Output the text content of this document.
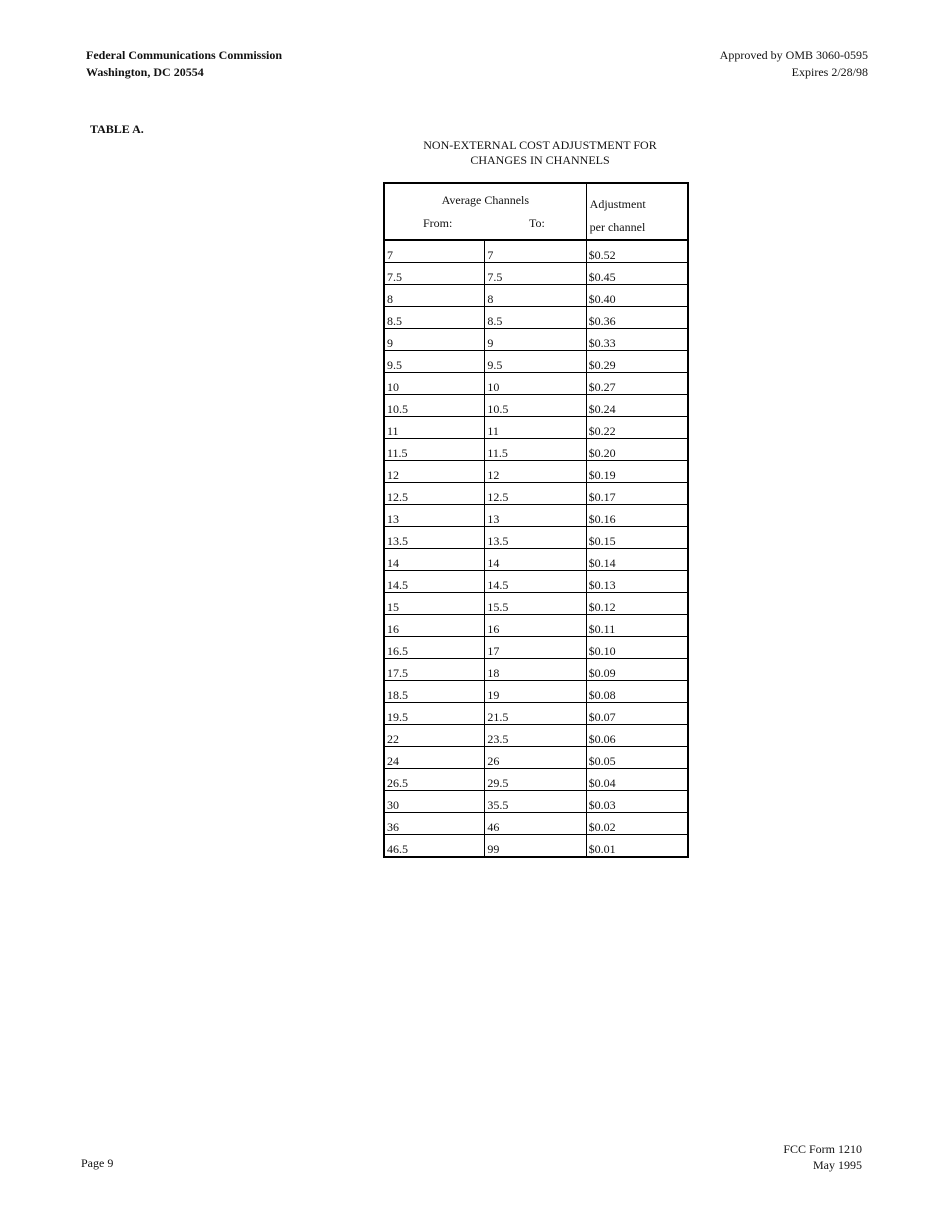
Federal Communications Commission
Washington, DC 20554
Approved by OMB 3060-0595
Expires 2/28/98
TABLE A.
NON-EXTERNAL COST ADJUSTMENT FOR
CHANGES IN CHANNELS
Average Channels
From: To:		Adjustment
per channel

7	7	$0.52
7.5	7.5	$0.45
8	8	$0.40
8.5	8.5	$0.36
9	9	$0.33
9.5	9.5	$0.29
10	10	$0.27
10.5	10.5	$0.24
11	11	$0.22
11.5	11.5	$0.20
12	12	$0.19
12.5	12.5	$0.17
13	13	$0.16
13.5	13.5	$0.15
14	14	$0.14
14.5	14.5	$0.13
15	15.5	$0.12
16	16	$0.11
16.5	17	$0.10
17.5	18	$0.09
18.5	19	$0.08
19.5	21.5	$0.07
22	23.5	$0.06
24	26	$0.05
26.5	29.5	$0.04
30	35.5	$0.03
36	46	$0.02
46.5	99	$0.01
Page 9
FCC Form 1210
May 1995
